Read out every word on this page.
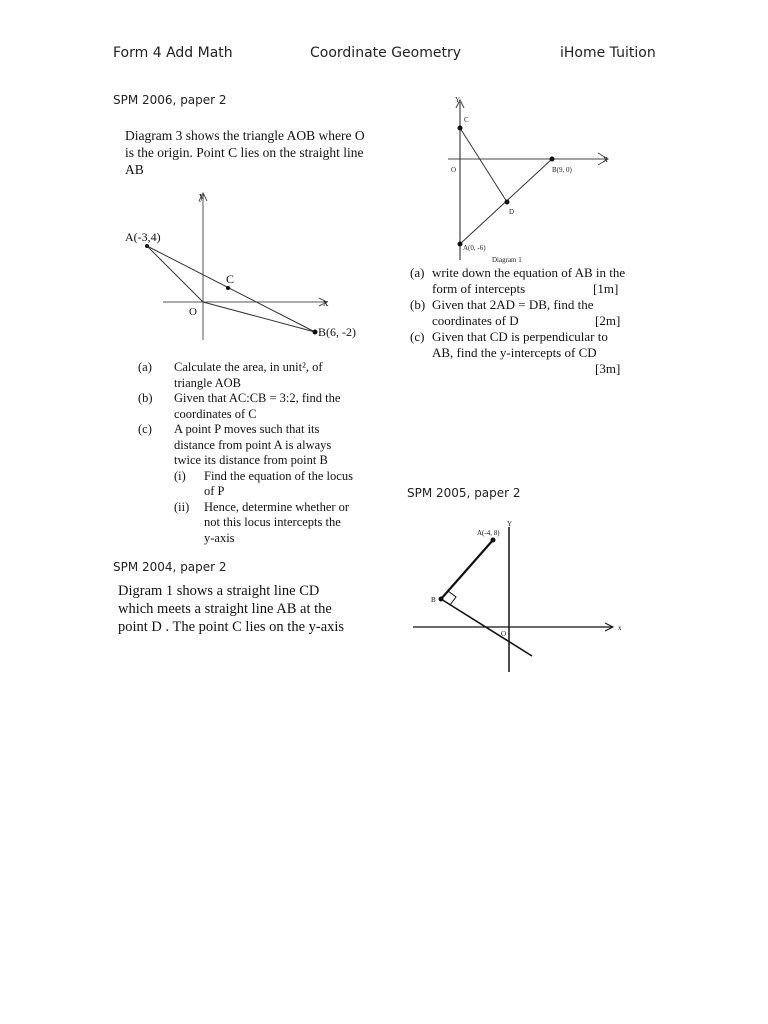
Form 4 Add Math	Coordinate Geometry	iHome Tuition
SPM 2006, paper 2
Diagram 3 shows the triangle AOB where O
is the origin. Point C lies on the straight line
AB
A(-3,4)
B(6, -2)
C
O
x
y
(a) Calculate the area, in unit², of
triangle AOB
(b) Given that AC:CB = 3:2, find the
coordinates of C
(c) A point P moves such that its
distance from point A is always
twice its distance from point B
(i) Find the equation of the locus
of P
(ii) Hence, determine whether or
not this locus intercepts the
y-axis
SPM 2004, paper 2
Digram 1 shows a straight line CD
which meets a straight line AB at the
point D . The point C lies on the y-axis
Y
X
C
O	B(9, 0)
D
A(0, -6)
Diagram 1
(a) write down the equation of AB in the
form of intercepts	[1m]
(b) Given that 2AD = DB, find the
coordinates of D	[2m]
(c) Given that CD is perpendicular to
AB, find the y-intercepts of CD
[3m]
SPM 2005, paper 2
A(-4, 8)
B
Y
x
O
